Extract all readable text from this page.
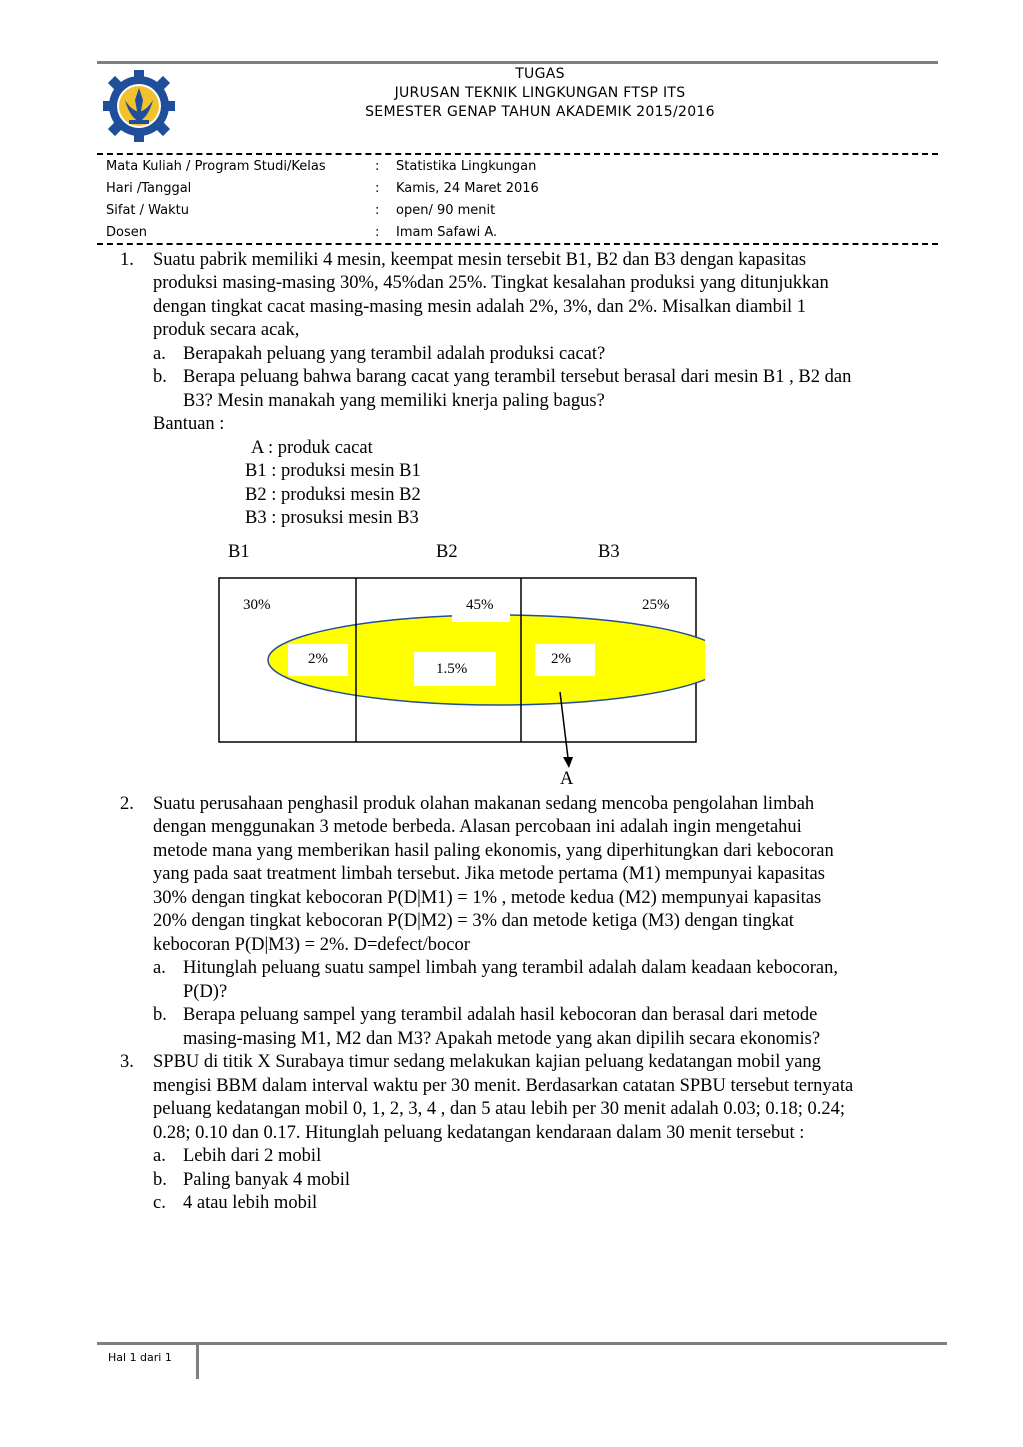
TUGAS
JURUSAN TEKNIK LINGKUNGAN FTSP ITS
SEMESTER GENAP TAHUN AKADEMIK 2015/2016
Mata Kuliah / Program Studi/Kelas	: Statistika Lingkungan
Hari /Tanggal	: Kamis, 24 Maret 2016
Sifat / Waktu	: open/ 90 menit
Dosen	: Imam Safawi A.
1. Suatu pabrik memiliki 4 mesin, keempat mesin tersebit B1, B2 dan B3 dengan kapasitas
produksi masing-masing 30%, 45%dan 25%. Tingkat kesalahan produksi yang ditunjukkan
dengan tingkat cacat masing-masing mesin adalah 2%, 3%, dan 2%. Misalkan diambil 1
produk secara acak,
a. Berapakah peluang yang terambil adalah produksi cacat?
b. Berapa peluang bahwa barang cacat yang terambil tersebut berasal dari mesin B1 , B2 dan
B3? Mesin manakah yang memiliki knerja paling bagus?
Bantuan :
A : produk cacat
B1 : produksi mesin B1
B2 : produksi mesin B2
B3 : prosuksi mesin B3
B1	B2	B3
30%	45%	25%
2%
1.5%
2%
A
2. Suatu perusahaan penghasil produk olahan makanan sedang mencoba pengolahan limbah
dengan menggunakan 3 metode berbeda. Alasan percobaan ini adalah ingin mengetahui
metode mana yang memberikan hasil paling ekonomis, yang diperhitungkan dari kebocoran
yang pada saat treatment limbah tersebut. Jika metode pertama (M1) mempunyai kapasitas
30% dengan tingkat kebocoran P(D|M1) = 1% , metode kedua (M2) mempunyai kapasitas
20% dengan tingkat kebocoran P(D|M2) = 3% dan metode ketiga (M3) dengan tingkat
kebocoran P(D|M3) = 2%. D=defect/bocor
a. Hitunglah peluang suatu sampel limbah yang terambil adalah dalam keadaan kebocoran,
P(D)?
b. Berapa peluang sampel yang terambil adalah hasil kebocoran dan berasal dari metode
masing-masing M1, M2 dan M3? Apakah metode yang akan dipilih secara ekonomis?
3. SPBU di titik X Surabaya timur sedang melakukan kajian peluang kedatangan mobil yang
mengisi BBM dalam interval waktu per 30 menit. Berdasarkan catatan SPBU tersebut ternyata
peluang kedatangan mobil 0, 1, 2, 3, 4 , dan 5 atau lebih per 30 menit adalah 0.03; 0.18; 0.24;
0.28; 0.10 dan 0.17. Hitunglah peluang kedatangan kendaraan dalam 30 menit tersebut :
a. Lebih dari 2 mobil
b. Paling banyak 4 mobil
c. 4 atau lebih mobil
Hal 1 dari 1
